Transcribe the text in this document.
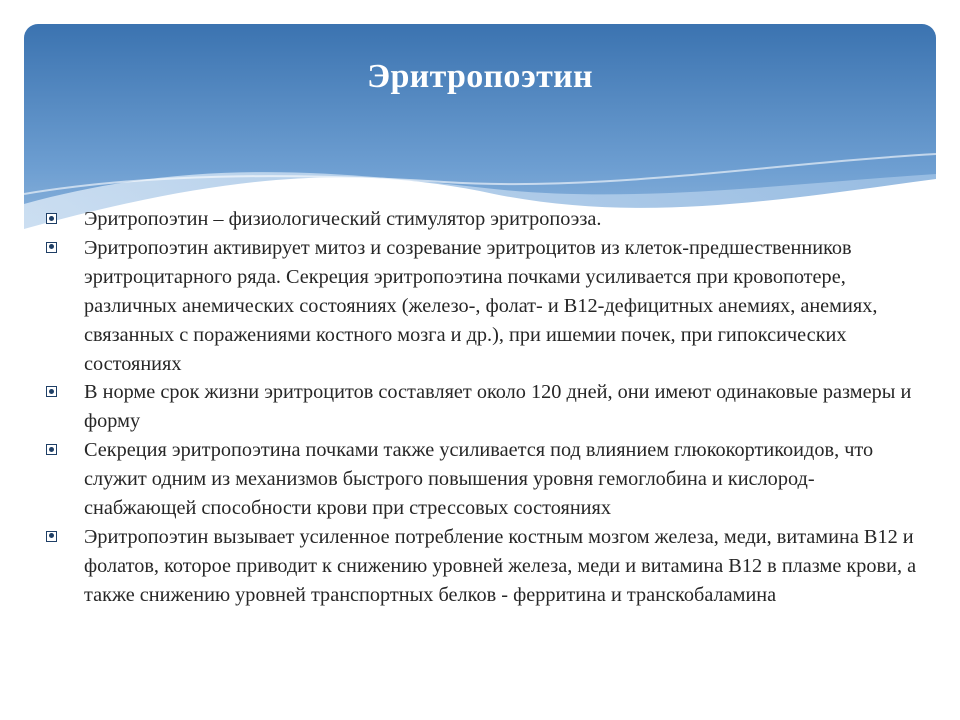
Эритропоэтин
Эритропоэтин – физиологический стимулятор эритропоэза.
Эритропоэтин активирует митоз и созревание эритроцитов из клеток-предшественников эритроцитарного ряда. Секреция эритропоэтина почками усиливается при кровопотере, различных анемических состояниях (железо-, фолат- и В12-дефицитных анемиях, анемиях, связанных с поражениями костного мозга и др.), при ишемии почек, при гипоксических состояниях
В норме срок жизни эритроцитов составляет около 120 дней, они имеют одинаковые размеры и форму
Секреция эритропоэтина почками также усиливается под влиянием глюкокортикоидов, что служит одним из механизмов быстрого повышения уровня гемоглобина и кислород-снабжающей способности крови при стрессовых состояниях
Эритропоэтин вызывает усиленное потребление костным мозгом железа, меди, витамина В12 и фолатов, которое приводит к снижению уровней железа, меди и витамина В12 в плазме крови, а также снижению уровней транспортных белков - ферритина и транскобаламина
